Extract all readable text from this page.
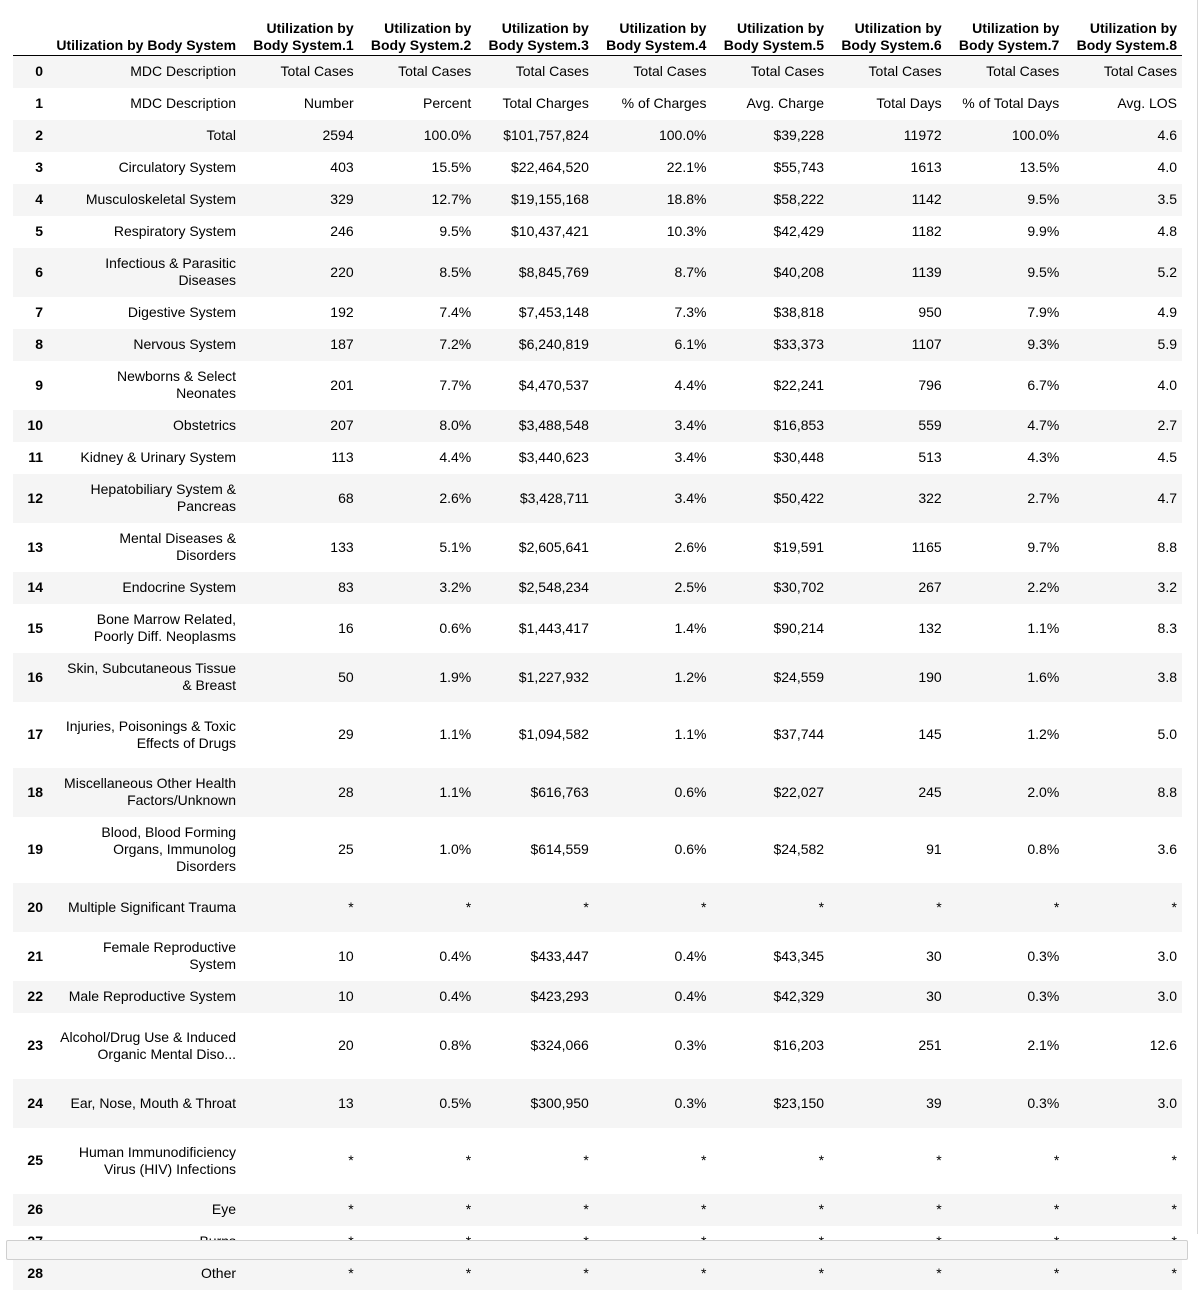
	Utilization by Body System	Utilization by Body System.1	Utilization by Body System.2	Utilization by Body System.3	Utilization by Body System.4	Utilization by Body System.5	Utilization by Body System.6	Utilization by Body System.7	Utilization by Body System.8
0	MDC Description	Total Cases	Total Cases	Total Cases	Total Cases	Total Cases	Total Cases	Total Cases	Total Cases
1	MDC Description	Number	Percent	Total Charges	% of Charges	Avg. Charge	Total Days	% of Total Days	Avg. LOS
2	Total	2594	100.0%	$101,757,824	100.0%	$39,228	11972	100.0%	4.6
3	Circulatory System	403	15.5%	$22,464,520	22.1%	$55,743	1613	13.5%	4.0
4	Musculoskeletal System	329	12.7%	$19,155,168	18.8%	$58,222	1142	9.5%	3.5
5	Respiratory System	246	9.5%	$10,437,421	10.3%	$42,429	1182	9.9%	4.8
6	Infectious & Parasitic Diseases	220	8.5%	$8,845,769	8.7%	$40,208	1139	9.5%	5.2
7	Digestive System	192	7.4%	$7,453,148	7.3%	$38,818	950	7.9%	4.9
8	Nervous System	187	7.2%	$6,240,819	6.1%	$33,373	1107	9.3%	5.9
9	Newborns & Select Neonates	201	7.7%	$4,470,537	4.4%	$22,241	796	6.7%	4.0
10	Obstetrics	207	8.0%	$3,488,548	3.4%	$16,853	559	4.7%	2.7
11	Kidney & Urinary System	113	4.4%	$3,440,623	3.4%	$30,448	513	4.3%	4.5
12	Hepatobiliary System & Pancreas	68	2.6%	$3,428,711	3.4%	$50,422	322	2.7%	4.7
13	Mental Diseases & Disorders	133	5.1%	$2,605,641	2.6%	$19,591	1165	9.7%	8.8
14	Endocrine System	83	3.2%	$2,548,234	2.5%	$30,702	267	2.2%	3.2
15	Bone Marrow Related, Poorly Diff. Neoplasms	16	0.6%	$1,443,417	1.4%	$90,214	132	1.1%	8.3
16	Skin, Subcutaneous Tissue & Breast	50	1.9%	$1,227,932	1.2%	$24,559	190	1.6%	3.8
17	Injuries, Poisonings & Toxic Effects of Drugs	29	1.1%	$1,094,582	1.1%	$37,744	145	1.2%	5.0
18	Miscellaneous Other Health Factors/Unknown	28	1.1%	$616,763	0.6%	$22,027	245	2.0%	8.8
19	Blood, Blood Forming Organs, Immunolog Disorders	25	1.0%	$614,559	0.6%	$24,582	91	0.8%	3.6
20	Multiple Significant Trauma	*	*	*	*	*	*	*	*
21	Female Reproductive System	10	0.4%	$433,447	0.4%	$43,345	30	0.3%	3.0
22	Male Reproductive System	10	0.4%	$423,293	0.4%	$42,329	30	0.3%	3.0
23	Alcohol/Drug Use & Induced Organic Mental Diso...	20	0.8%	$324,066	0.3%	$16,203	251	2.1%	12.6
24	Ear, Nose, Mouth & Throat	13	0.5%	$300,950	0.3%	$23,150	39	0.3%	3.0
25	Human Immunodificiency Virus (HIV) Infections	*	*	*	*	*	*	*	*
26	Eye	*	*	*	*	*	*	*	*

28	Other	*	*	*	*	*	*	*	*
